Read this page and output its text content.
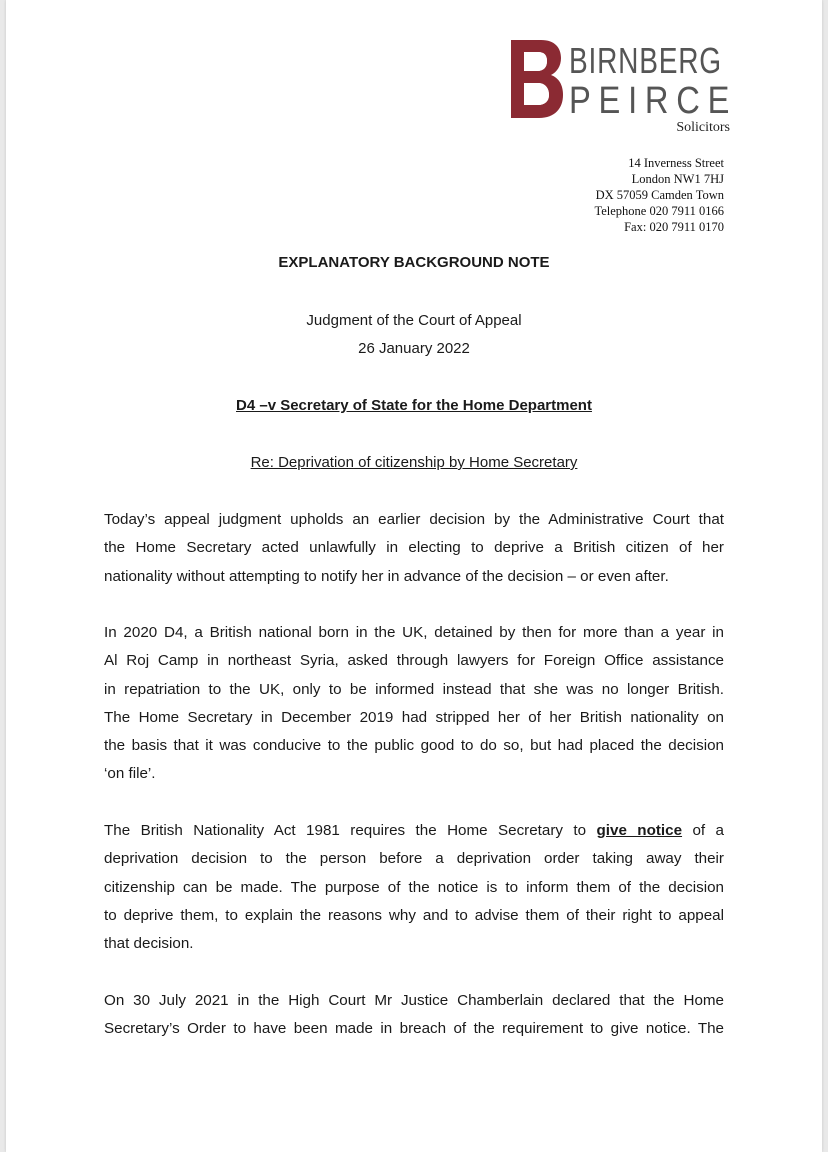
BIRNBERG
PEIRCE
Solicitors
14 Inverness Street
London NW1 7HJ
DX 57059 Camden Town
Telephone 020 7911 0166
Fax: 020 7911 0170
EXPLANATORY BACKGROUND NOTE
Judgment of the Court of Appeal
26 January 2022
D4 –v Secretary of State for the Home Department
Re: Deprivation of citizenship by Home Secretary
Today’s appeal judgment upholds an earlier decision by the Administrative Court that
the Home Secretary acted unlawfully in electing to deprive a British citizen of her
nationality without attempting to notify her in advance of the decision – or even after.
In 2020 D4, a British national born in the UK, detained by then for more than a year in
Al Roj Camp in northeast Syria, asked through lawyers for Foreign Office assistance
in repatriation to the UK, only to be informed instead that she was no longer British.
The Home Secretary in December 2019 had stripped her of her British nationality on
the basis that it was conducive to the public good to do so, but had placed the decision
‘on file’.
The British Nationality Act 1981 requires the Home Secretary to give notice of a
deprivation decision to the person before a deprivation order taking away their
citizenship can be made. The purpose of the notice is to inform them of the decision
to deprive them, to explain the reasons why and to advise them of their right to appeal
that decision.
On 30 July 2021 in the High Court Mr Justice Chamberlain declared that the Home
Secretary’s Order to have been made in breach of the requirement to give notice. The
